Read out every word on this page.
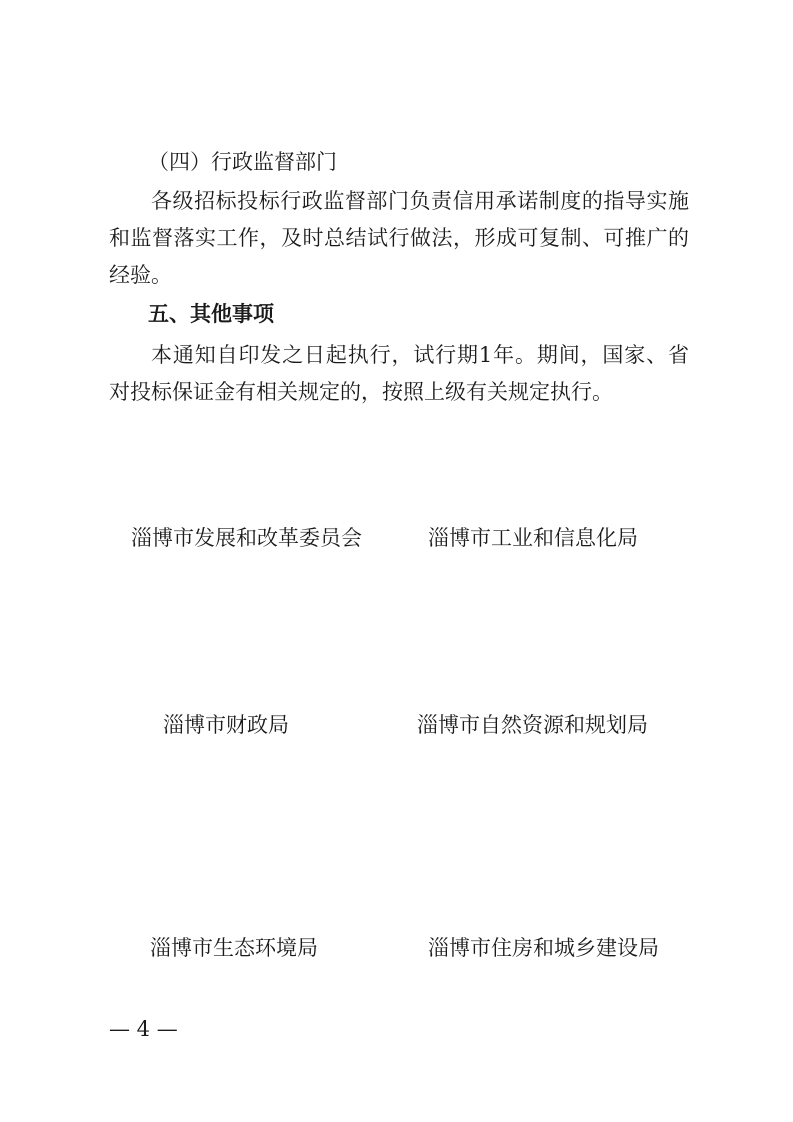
（四）行政监督部门
各级招标投标行政监督部门负责信用承诺制度的指导实施和监督落实工作，及时总结试行做法，形成可复制、可推广的经验。
五、其他事项
本通知自印发之日起执行，试行期1年。期间，国家、省对投标保证金有相关规定的，按照上级有关规定执行。
淄博市发展和改革委员会	淄博市工业和信息化局
淄博市财政局	淄博市自然资源和规划局
淄博市生态环境局	淄博市住房和城乡建设局
— 4 —
